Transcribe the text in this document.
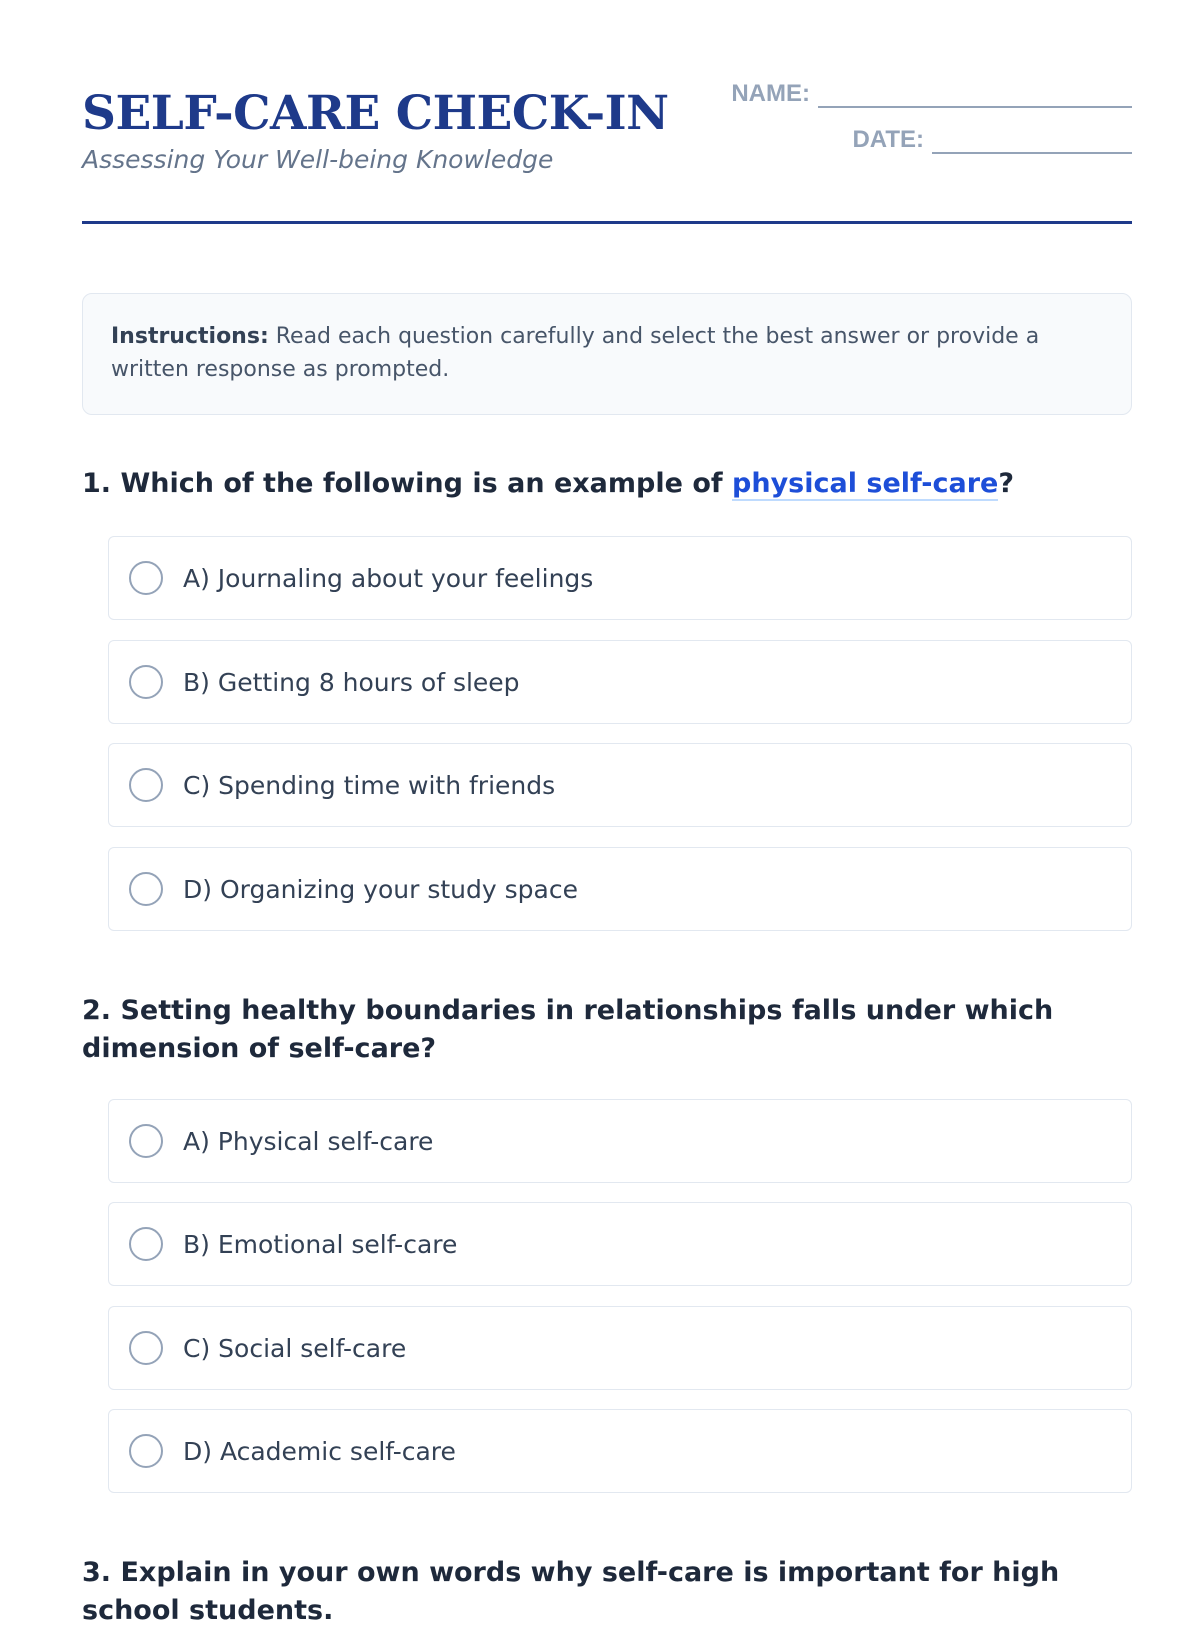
SELF-CARE CHECK-IN
Assessing Your Well-being Knowledge
NAME:
DATE:
Instructions: Read each question carefully and select the best answer or provide a written response as prompted.
1. Which of the following is an example of physical self-care?
A) Journaling about your feelings
B) Getting 8 hours of sleep
C) Spending time with friends
D) Organizing your study space
2. Setting healthy boundaries in relationships falls under which dimension of self-care?
A) Physical self-care
B) Emotional self-care
C) Social self-care
D) Academic self-care
3. Explain in your own words why self-care is important for high school students.
